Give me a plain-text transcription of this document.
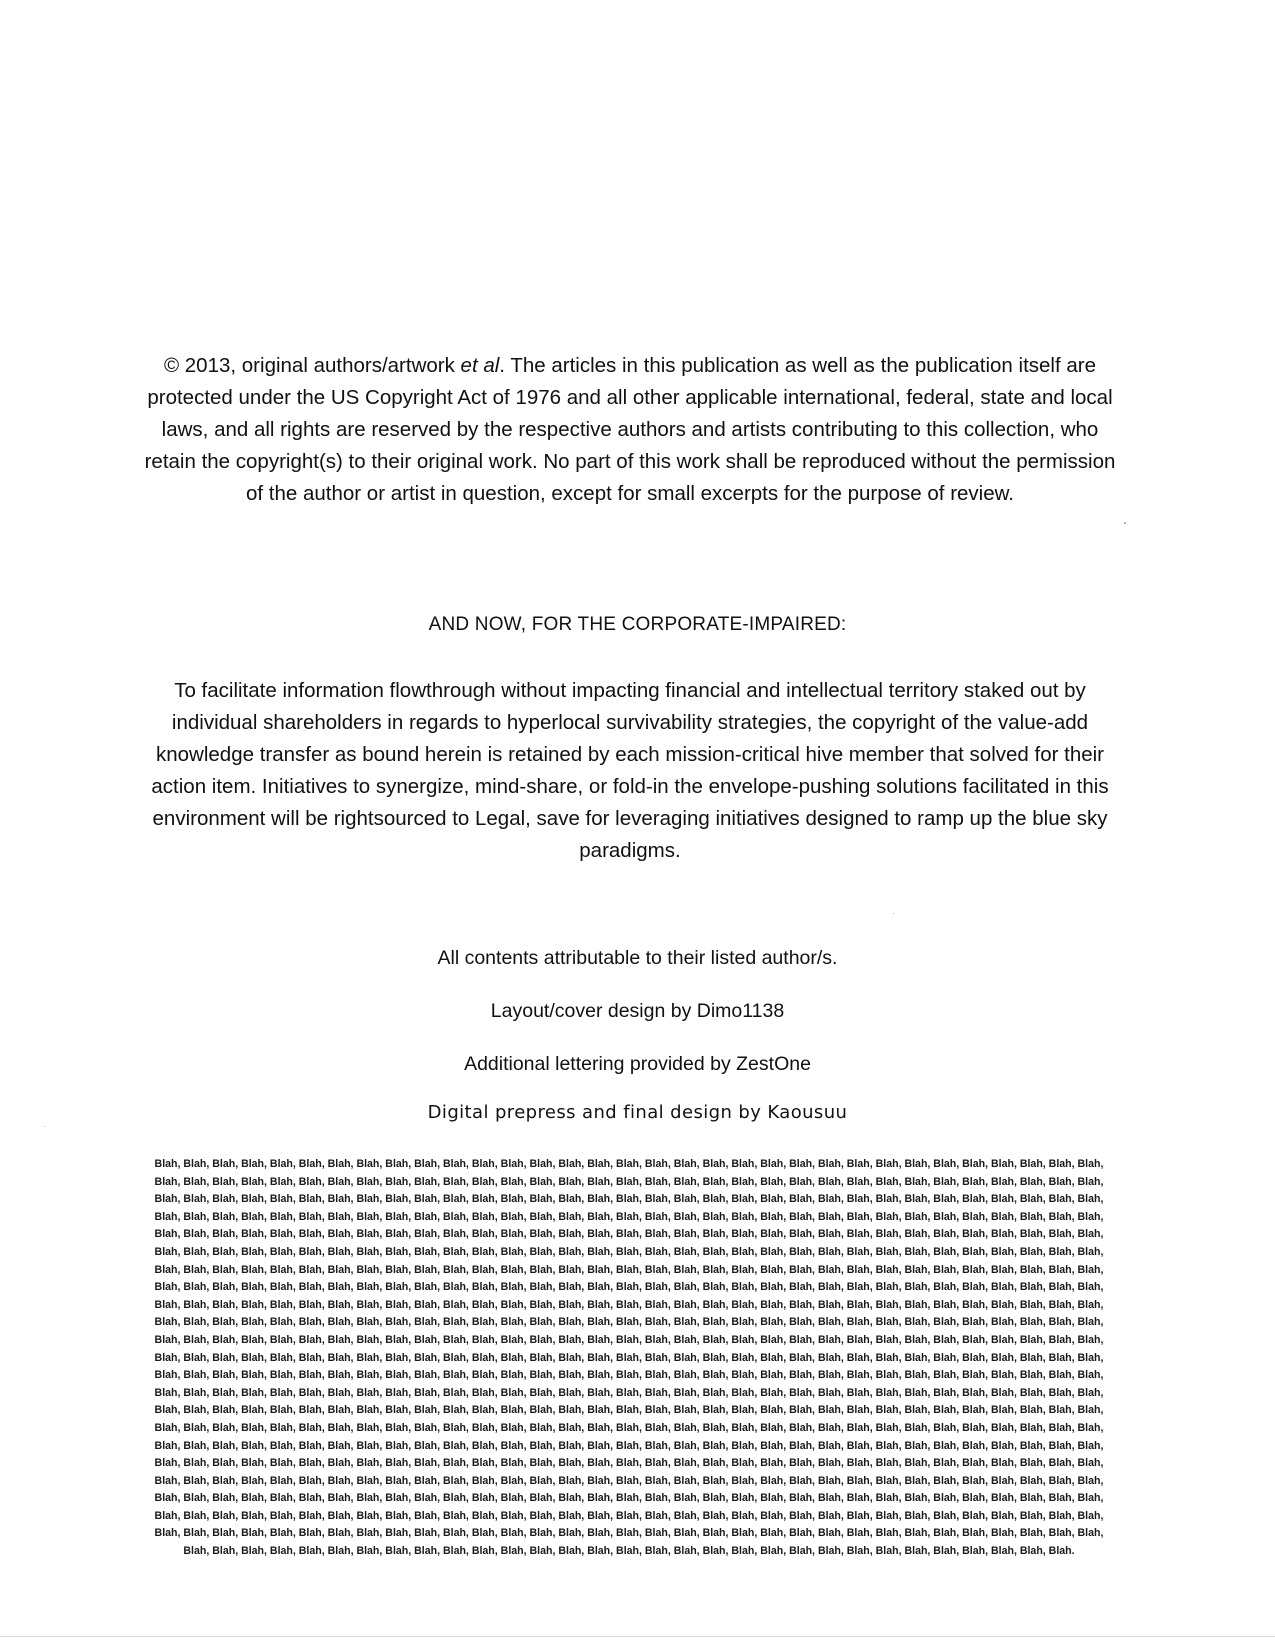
© 2013, original authors/artwork et al. The articles in this publication as well as the publication itself are protected under the US Copyright Act of 1976 and all other applicable international, federal, state and local laws, and all rights are reserved by the respective authors and artists contributing to this collection, who retain the copyright(s) to their original work. No part of this work shall be reproduced without the permission of the author or artist in question, except for small excerpts for the purpose of review.
AND NOW, FOR THE CORPORATE-IMPAIRED:
To facilitate information flowthrough without impacting financial and intellectual territory staked out by individual shareholders in regards to hyperlocal survivability strategies, the copyright of the value-add knowledge transfer as bound herein is retained by each mission-critical hive member that solved for their action item. Initiatives to synergize, mind-share, or fold-in the envelope-pushing solutions facilitated in this environment will be rightsourced to Legal, save for leveraging initiatives designed to ramp up the blue sky paradigms.
All contents attributable to their listed author/s.
Layout/cover design by Dimo1138
Additional lettering provided by ZestOne
Digital prepress and final design by Kaousuu
Blah, Blah, Blah, Blah, Blah, Blah, Blah, Blah, Blah, Blah, Blah, Blah, Blah, Blah, Blah, Blah, Blah, Blah, Blah, Blah, Blah, Blah, Blah, Blah, Blah, Blah, Blah, Blah, Blah, Blah, Blah, Blah, Blah, Blah, Blah, Blah, Blah, Blah, Blah, Blah, Blah, Blah, Blah, Blah, Blah, Blah, Blah, Blah, Blah, Blah, Blah, Blah, Blah, Blah, Blah, Blah, Blah, Blah, Blah, Blah, Blah, Blah, Blah, Blah, Blah, Blah, Blah, Blah, Blah, Blah, Blah, Blah, Blah, Blah, Blah, Blah, Blah, Blah, Blah, Blah, Blah, Blah, Blah, Blah, Blah, Blah, Blah, Blah, Blah, Blah, Blah, Blah, Blah, Blah, Blah, Blah, Blah, Blah, Blah, Blah, Blah, Blah, Blah, Blah, Blah, Blah, Blah, Blah, Blah, Blah, Blah, Blah, Blah, Blah, Blah, Blah, Blah, Blah, Blah, Blah, Blah, Blah, Blah, Blah, Blah, Blah, Blah, Blah, Blah, Blah, Blah, Blah, Blah, Blah, Blah, Blah, Blah, Blah, Blah, Blah, Blah, Blah, Blah, Blah, Blah, Blah, Blah, Blah, Blah, Blah, Blah, Blah, Blah, Blah, Blah, Blah, Blah, Blah, Blah, Blah, Blah, Blah, Blah, Blah, Blah, Blah, Blah, Blah, Blah, Blah, Blah, Blah, Blah, Blah, Blah, Blah, Blah, Blah, Blah, Blah, Blah, Blah, Blah, Blah, Blah, Blah, Blah, Blah, Blah, Blah, Blah, Blah, Blah, Blah, Blah, Blah, Blah, Blah, Blah, Blah, Blah, Blah, Blah, Blah, Blah, Blah, Blah, Blah, Blah, Blah, Blah, Blah, Blah, Blah, Blah, Blah, Blah, Blah, Blah, Blah, Blah, Blah, Blah, Blah, Blah, Blah, Blah, Blah, Blah, Blah, Blah, Blah, Blah, Blah, Blah, Blah, Blah, Blah, Blah, Blah, Blah, Blah, Blah, Blah, Blah, Blah, Blah, Blah, Blah, Blah, Blah, Blah, Blah, Blah, Blah, Blah, Blah, Blah, Blah, Blah, Blah, Blah, Blah, Blah, Blah, Blah, Blah, Blah, Blah, Blah, Blah, Blah, Blah, Blah, Blah, Blah, Blah, Blah, Blah, Blah, Blah, Blah, Blah, Blah, Blah, Blah, Blah, Blah, Blah, Blah, Blah, Blah, Blah, Blah, Blah, Blah, Blah, Blah, Blah, Blah, Blah, Blah, Blah, Blah, Blah, Blah, Blah, Blah, Blah, Blah, Blah, Blah, Blah, Blah, Blah, Blah, Blah, Blah, Blah, Blah, Blah, Blah, Blah, Blah, Blah, Blah, Blah, Blah, Blah, Blah, Blah, Blah, Blah, Blah, Blah, Blah, Blah, Blah, Blah, Blah, Blah, Blah, Blah, Blah, Blah, Blah, Blah, Blah, Blah, Blah, Blah, Blah, Blah, Blah, Blah, Blah, Blah, Blah, Blah, Blah, Blah, Blah, Blah, Blah, Blah, Blah, Blah, Blah, Blah, Blah, Blah, Blah, Blah, Blah, Blah, Blah, Blah, Blah, Blah, Blah, Blah, Blah, Blah, Blah, Blah, Blah, Blah, Blah, Blah, Blah, Blah, Blah, Blah, Blah, Blah, Blah, Blah, Blah, Blah, Blah, Blah, Blah, Blah, Blah, Blah, Blah, Blah, Blah, Blah, Blah, Blah, Blah, Blah, Blah, Blah, Blah, Blah, Blah, Blah, Blah, Blah, Blah, Blah, Blah, Blah, Blah, Blah, Blah, Blah, Blah, Blah, Blah, Blah, Blah, Blah, Blah, Blah, Blah, Blah, Blah, Blah, Blah, Blah, Blah, Blah, Blah, Blah, Blah, Blah, Blah, Blah, Blah, Blah, Blah, Blah, Blah, Blah, Blah, Blah, Blah, Blah, Blah, Blah, Blah, Blah, Blah, Blah, Blah, Blah, Blah, Blah, Blah, Blah, Blah, Blah, Blah, Blah, Blah, Blah, Blah, Blah, Blah, Blah, Blah, Blah, Blah, Blah, Blah, Blah, Blah, Blah, Blah, Blah, Blah, Blah, Blah, Blah, Blah, Blah, Blah, Blah, Blah, Blah, Blah, Blah, Blah, Blah, Blah, Blah, Blah, Blah, Blah, Blah, Blah, Blah, Blah, Blah, Blah, Blah, Blah, Blah, Blah, Blah, Blah, Blah, Blah, Blah, Blah, Blah, Blah, Blah, Blah, Blah, Blah, Blah, Blah, Blah, Blah, Blah, Blah, Blah, Blah, Blah, Blah, Blah, Blah, Blah, Blah, Blah, Blah, Blah, Blah, Blah, Blah, Blah, Blah, Blah, Blah, Blah, Blah, Blah, Blah, Blah, Blah, Blah, Blah, Blah, Blah, Blah, Blah, Blah, Blah, Blah, Blah, Blah, Blah, Blah, Blah, Blah, Blah, Blah, Blah, Blah, Blah, Blah, Blah, Blah, Blah, Blah, Blah, Blah, Blah, Blah, Blah, Blah, Blah, Blah, Blah, Blah, Blah, Blah, Blah, Blah, Blah, Blah, Blah, Blah, Blah, Blah, Blah, Blah, Blah, Blah, Blah, Blah, Blah, Blah, Blah, Blah, Blah, Blah, Blah, Blah, Blah, Blah, Blah, Blah, Blah, Blah, Blah, Blah, Blah, Blah, Blah, Blah, Blah, Blah, Blah, Blah, Blah, Blah, Blah, Blah, Blah, Blah, Blah, Blah, Blah, Blah, Blah, Blah, Blah, Blah, Blah, Blah, Blah, Blah, Blah, Blah, Blah, Blah, Blah, Blah, Blah, Blah, Blah, Blah, Blah, Blah, Blah, Blah, Blah, Blah, Blah, Blah, Blah, Blah, Blah, Blah, Blah, Blah, Blah, Blah, Blah, Blah, Blah, Blah, Blah, Blah, Blah, Blah, Blah, Blah, Blah, Blah, Blah, Blah, Blah, Blah, Blah, Blah, Blah, Blah, Blah, Blah, Blah, Blah, Blah, Blah, Blah, Blah, Blah, Blah, Blah, Blah, Blah, Blah, Blah, Blah, Blah, Blah, Blah, Blah, Blah, Blah, Blah, Blah, Blah, Blah, Blah, Blah, Blah, Blah, Blah, Blah, Blah, Blah, Blah, Blah, Blah, Blah, Blah, Blah, Blah, Blah, Blah, Blah, Blah, Blah, Blah, Blah, Blah, Blah, Blah, Blah, Blah, Blah.
